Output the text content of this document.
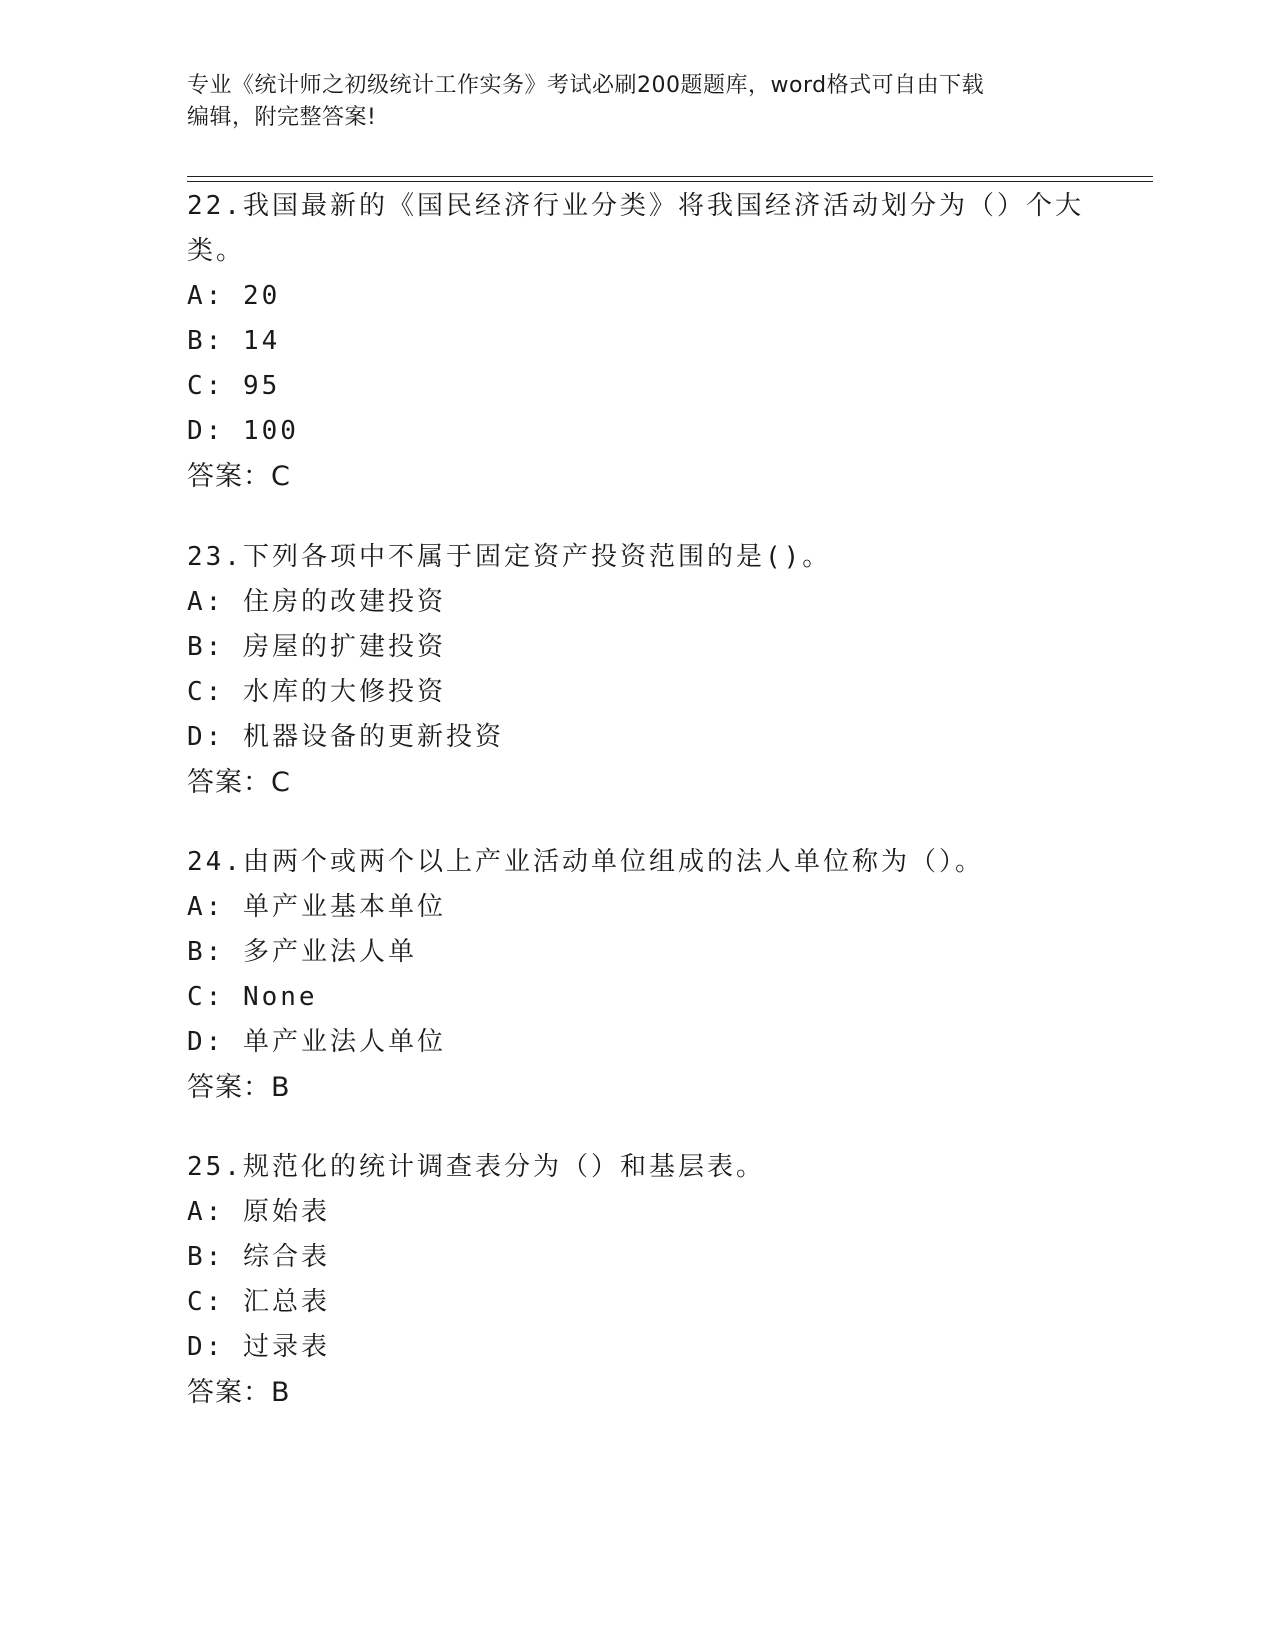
专业《统计师之初级统计工作实务》考试必刷200题题库，word格式可自由下载
编辑，附完整答案!
22.我国最新的《国民经济行业分类》将我国经济活动划分为（）个大
类。
A: 20
B: 14
C: 95
D: 100
答案：C
23.下列各项中不属于固定资产投资范围的是()。
A: 住房的改建投资
B: 房屋的扩建投资
C: 水库的大修投资
D: 机器设备的更新投资
答案：C
24.由两个或两个以上产业活动单位组成的法人单位称为（）。
A: 单产业基本单位
B: 多产业法人单
C: None
D: 单产业法人单位
答案：B
25.规范化的统计调查表分为（）和基层表。
A: 原始表
B: 综合表
C: 汇总表
D: 过录表
答案：B
